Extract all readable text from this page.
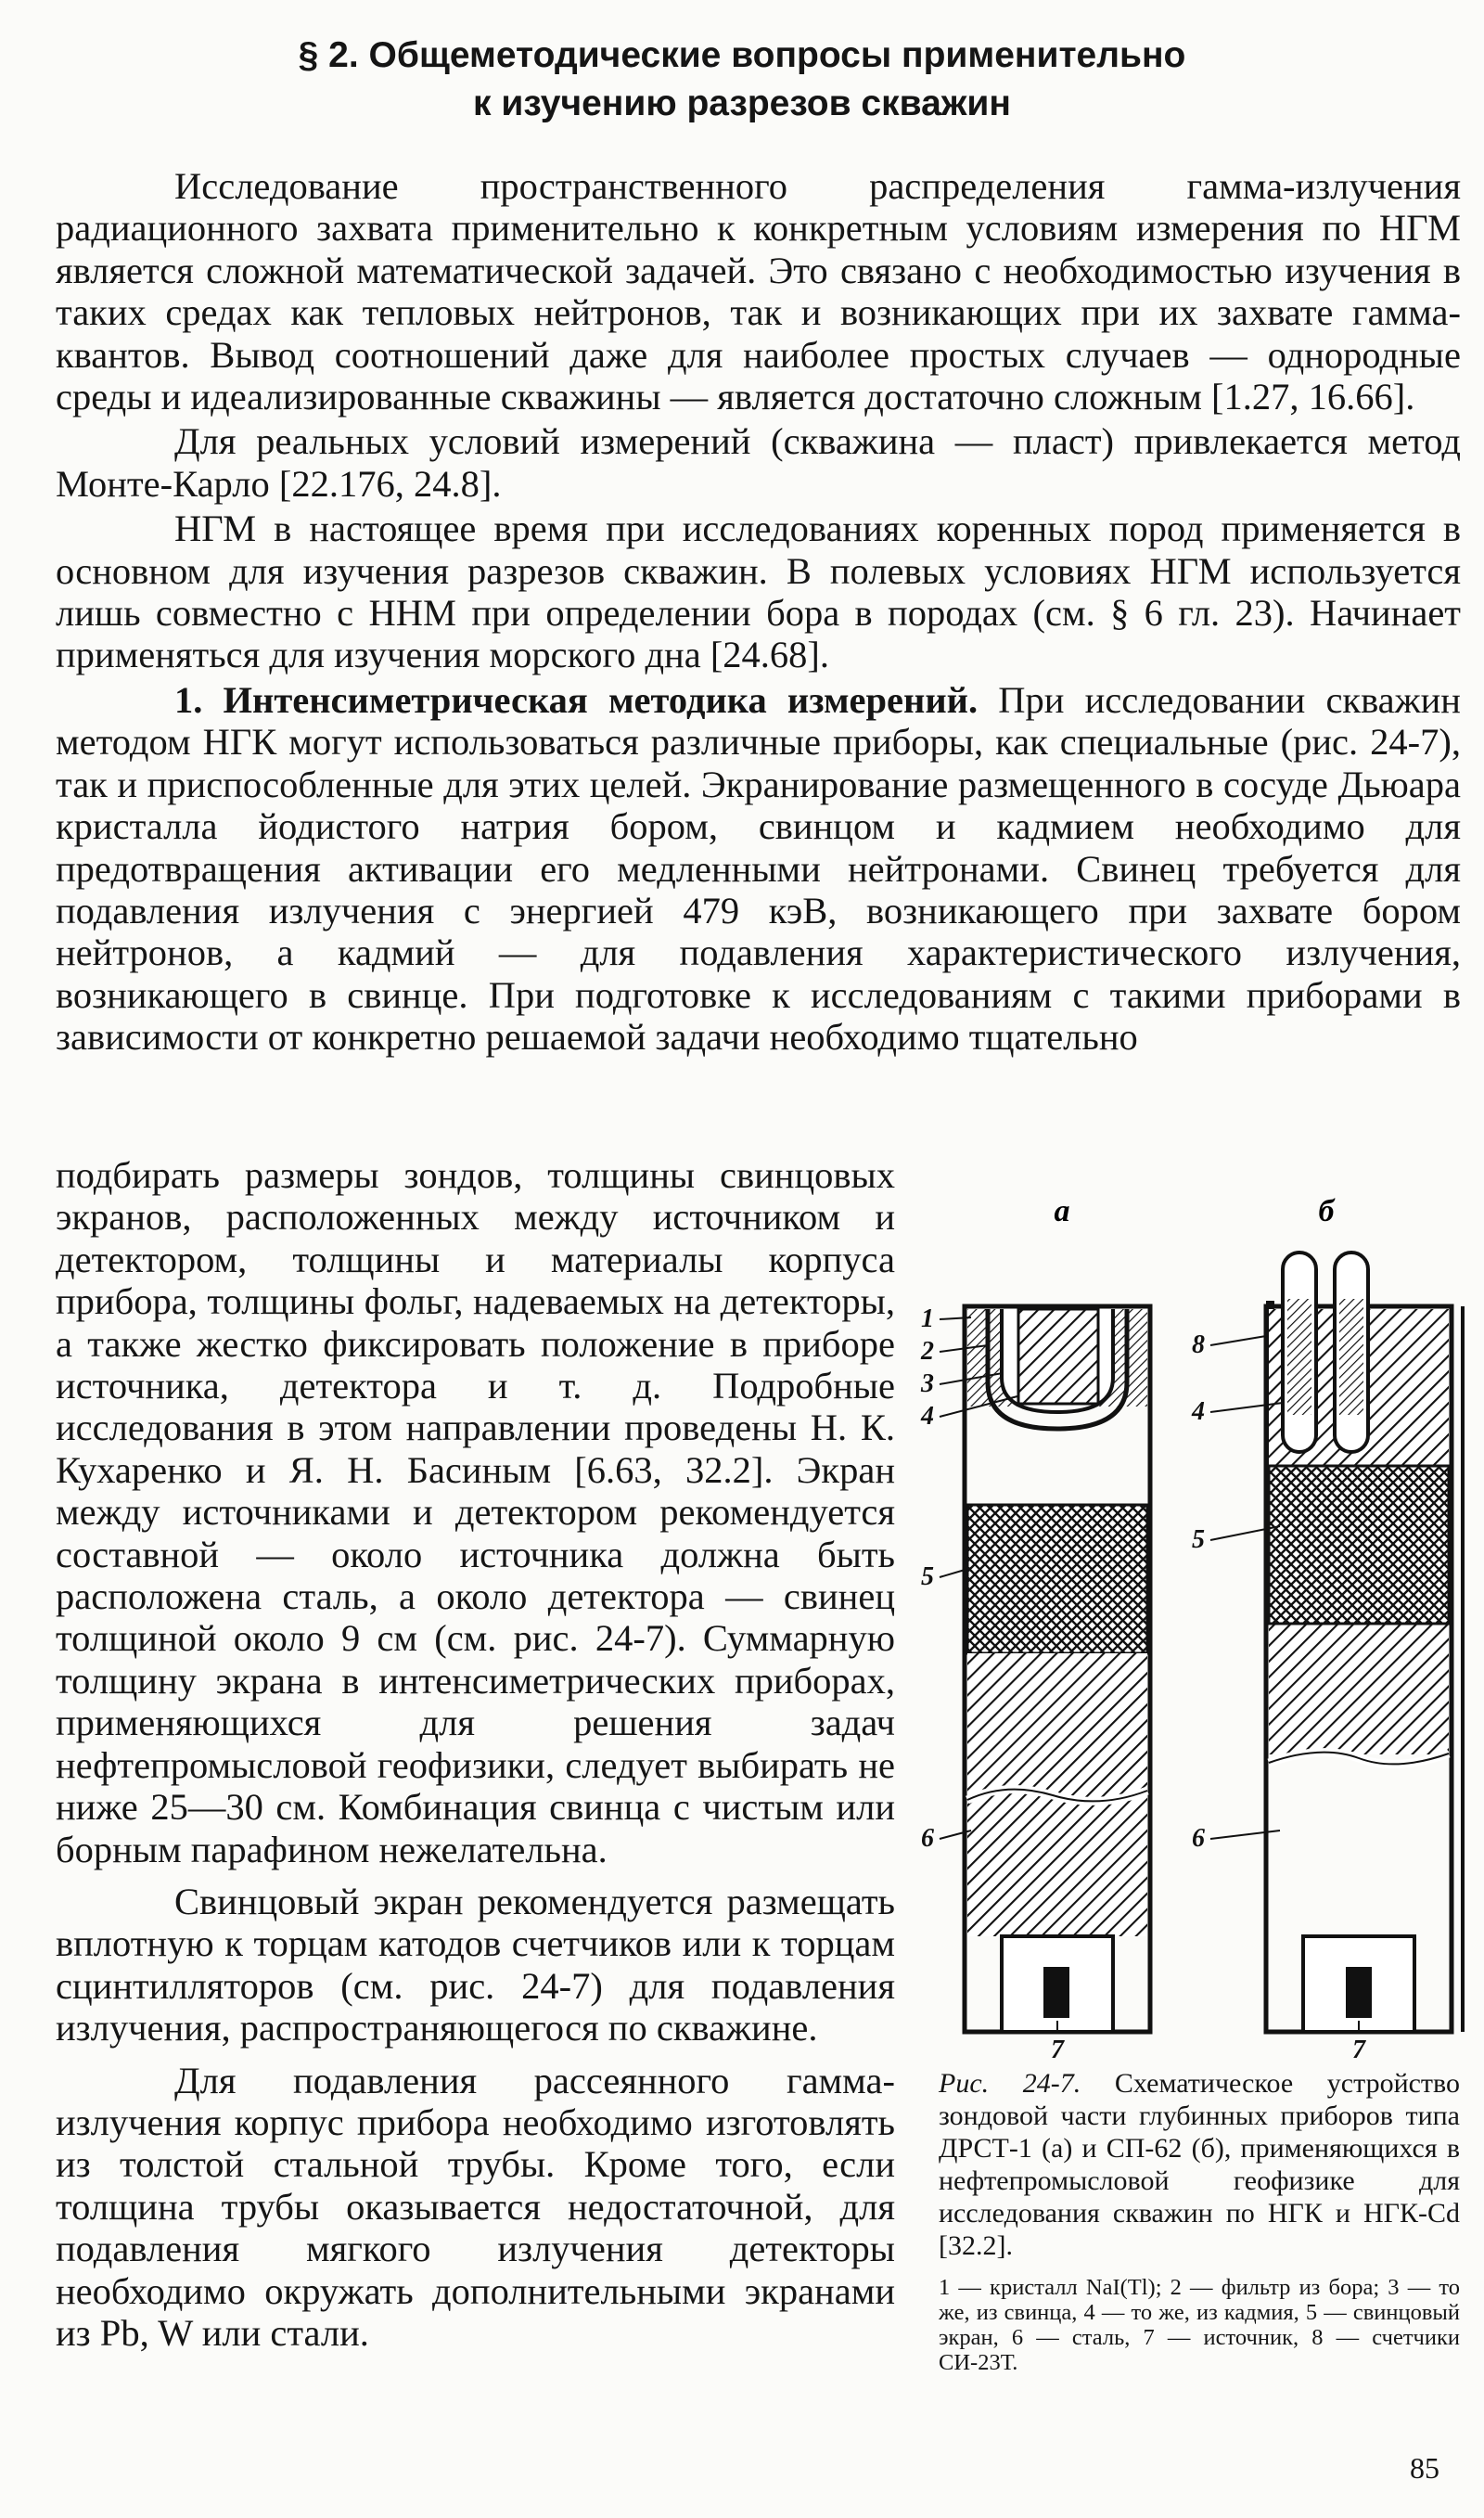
§ 2. Общеметодические вопросы применительно
к изучению разрезов скважин

Исследование пространственного распределения гамма-излучения радиационного захвата применительно к конкретным условиям измерения по НГМ является сложной математической задачей. Это связано с необходимостью изучения в таких средах как тепловых нейтронов, так и возникающих при их захвате гамма-квантов. Вывод соотношений даже для наиболее простых случаев — однородные среды и идеализированные скважины — является достаточно сложным [1.27, 16.66].

Для реальных условий измерений (скважина — пласт) привлекается метод Монте-Карло [22.176, 24.8].

НГМ в настоящее время при исследованиях коренных пород применяется в основном для изучения разрезов скважин. В полевых условиях НГМ используется лишь совместно с ННМ при определении бора в породах (см. § 6 гл. 23). Начинает применяться для изучения морского дна [24.68].

1. Интенсиметрическая методика измерений. При исследовании скважин методом НГК могут использоваться различные приборы, как специальные (рис. 24-7), так и приспособленные для этих целей. Экранирование размещенного в сосуде Дьюара кристалла йодистого натрия бором, свинцом и кадмием необходимо для предотвращения активации его медленными нейтронами. Свинец требуется для подавления излучения с энергией 479 кэВ, возникающего при захвате бором нейтронов, а кадмий — для подавления характеристического излучения, возникающего в свинце. При подготовке к исследованиям с такими приборами в зависимости от конкретно решаемой задачи необходимо тщательно

подбирать размеры зондов, толщины свинцовых экранов, расположенных между источником и детектором, толщины и материалы корпуса прибора, толщины фольг, надеваемых на детекторы, а также жестко фиксировать положение в приборе источника, детектора и т. д. Подробные исследования в этом направлении проведены Н. К. Кухаренко и Я. Н. Басиным [6.63, 32.2]. Экран между источниками и детектором рекомендуется составной — около источника должна быть расположена сталь, а около детектора — свинец толщиной около 9 см (см. рис. 24-7). Суммарную толщину экрана в интенсиметрических приборах, применяющихся для решения задач нефтепромысловой геофизики, следует выбирать не ниже 25—30 см. Комбинация свинца с чистым или борным парафином нежелательна.

Свинцовый экран рекомендуется размещать вплотную к торцам катодов счетчиков или к торцам сцинтилляторов (см. рис. 24-7) для подавления излучения, распространяющегося по скважине.

Для подавления рассеянного гамма-излучения корпус прибора необходимо изготовлять из толстой стальной трубы. Кроме того, если толщина трубы оказывается недостаточной, для подавления мягкого излучения детекторы необходимо окружать дополнительными экранами из Pb, W или стали.

а	б
1
2
3
4
5
6
7
8
4
5
6
7
Рис. 24-7. Схематическое устройство зондовой части глубинных приборов типа ДРСТ-1 (а) и СП-62 (б), применяющихся в нефтепромысловой геофизике для исследования скважин по НГК и НГК-Cd [32.2].
1 — кристалл NaI(Tl); 2 — фильтр из бора; 3 — то же, из свинца, 4 — то же, из кадмия, 5 — свинцовый экран, 6 — сталь, 7 — источник, 8 — счетчики СИ-23Т.
85
